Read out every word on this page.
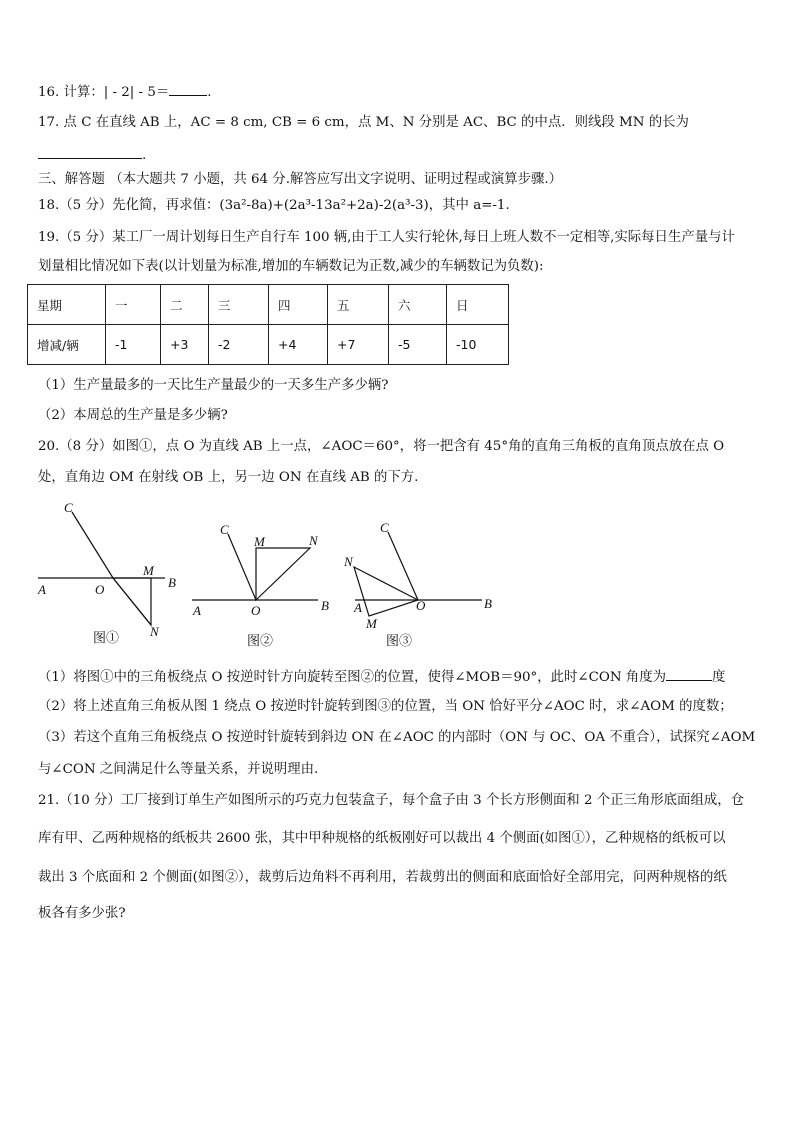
16. 计算：| - 2| - 5＝	.
17. 点 C 在直线 AB 上，AC = 8 cm, CB = 6 cm，点 M、N 分别是 AC、BC 的中点．则线段 MN 的长为
.
三、解答题 （本大题共 7 小题，共 64 分.解答应写出文字说明、证明过程或演算步骤.）
18.（5 分）先化简，再求值：(3a²-8a)+(2a³-13a²+2a)-2(a³-3)，其中 a=-1.
19.（5 分）某工厂一周计划每日生产自行车 100 辆,由于工人实行轮休,每日上班人数不一定相等,实际每日生产量与计
划量相比情况如下表(以计划量为标准,增加的车辆数记为正数,减少的车辆数记为负数):
星期	一	二	三	四	五	六	日
增减/辆	-1	+3	-2	+4	+7	-5	-10
（1）生产量最多的一天比生产量最少的一天多生产多少辆?
（2）本周总的生产量是多少辆?
20.（8 分）如图①，点 O 为直线 AB 上一点，∠AOC＝60°，将一把含有 45°角的直角三角板的直角顶点放在点 O
处，直角边 OM 在射线 OB 上，另一边 ON 在直线 AB 的下方.
C
A	O
M
B
N
C
M	N
A	O	B
C
N
A	O	B
M
图①	图②	图③
（1）将图①中的三角板绕点 O 按逆时针方向旋转至图②的位置，使得∠MOB＝90°，此时∠CON 角度为	度
（2）将上述直角三角板从图 1 绕点 O 按逆时针旋转到图③的位置，当 ON 恰好平分∠AOC 时，求∠AOM 的度数；
（3）若这个直角三角板绕点 O 按逆时针旋转到斜边 ON 在∠AOC 的内部时（ON 与 OC、OA 不重合），试探究∠AOM
与∠CON 之间满足什么等量关系，并说明理由.
21.（10 分）工厂接到订单生产如图所示的巧克力包装盒子，每个盒子由 3 个长方形侧面和 2 个正三角形底面组成，仓
库有甲、乙两种规格的纸板共 2600 张，其中甲种规格的纸板刚好可以裁出 4 个侧面(如图①），乙种规格的纸板可以
裁出 3 个底面和 2 个侧面(如图②），裁剪后边角料不再利用，若裁剪出的侧面和底面恰好全部用完，问两种规格的纸
板各有多少张?
